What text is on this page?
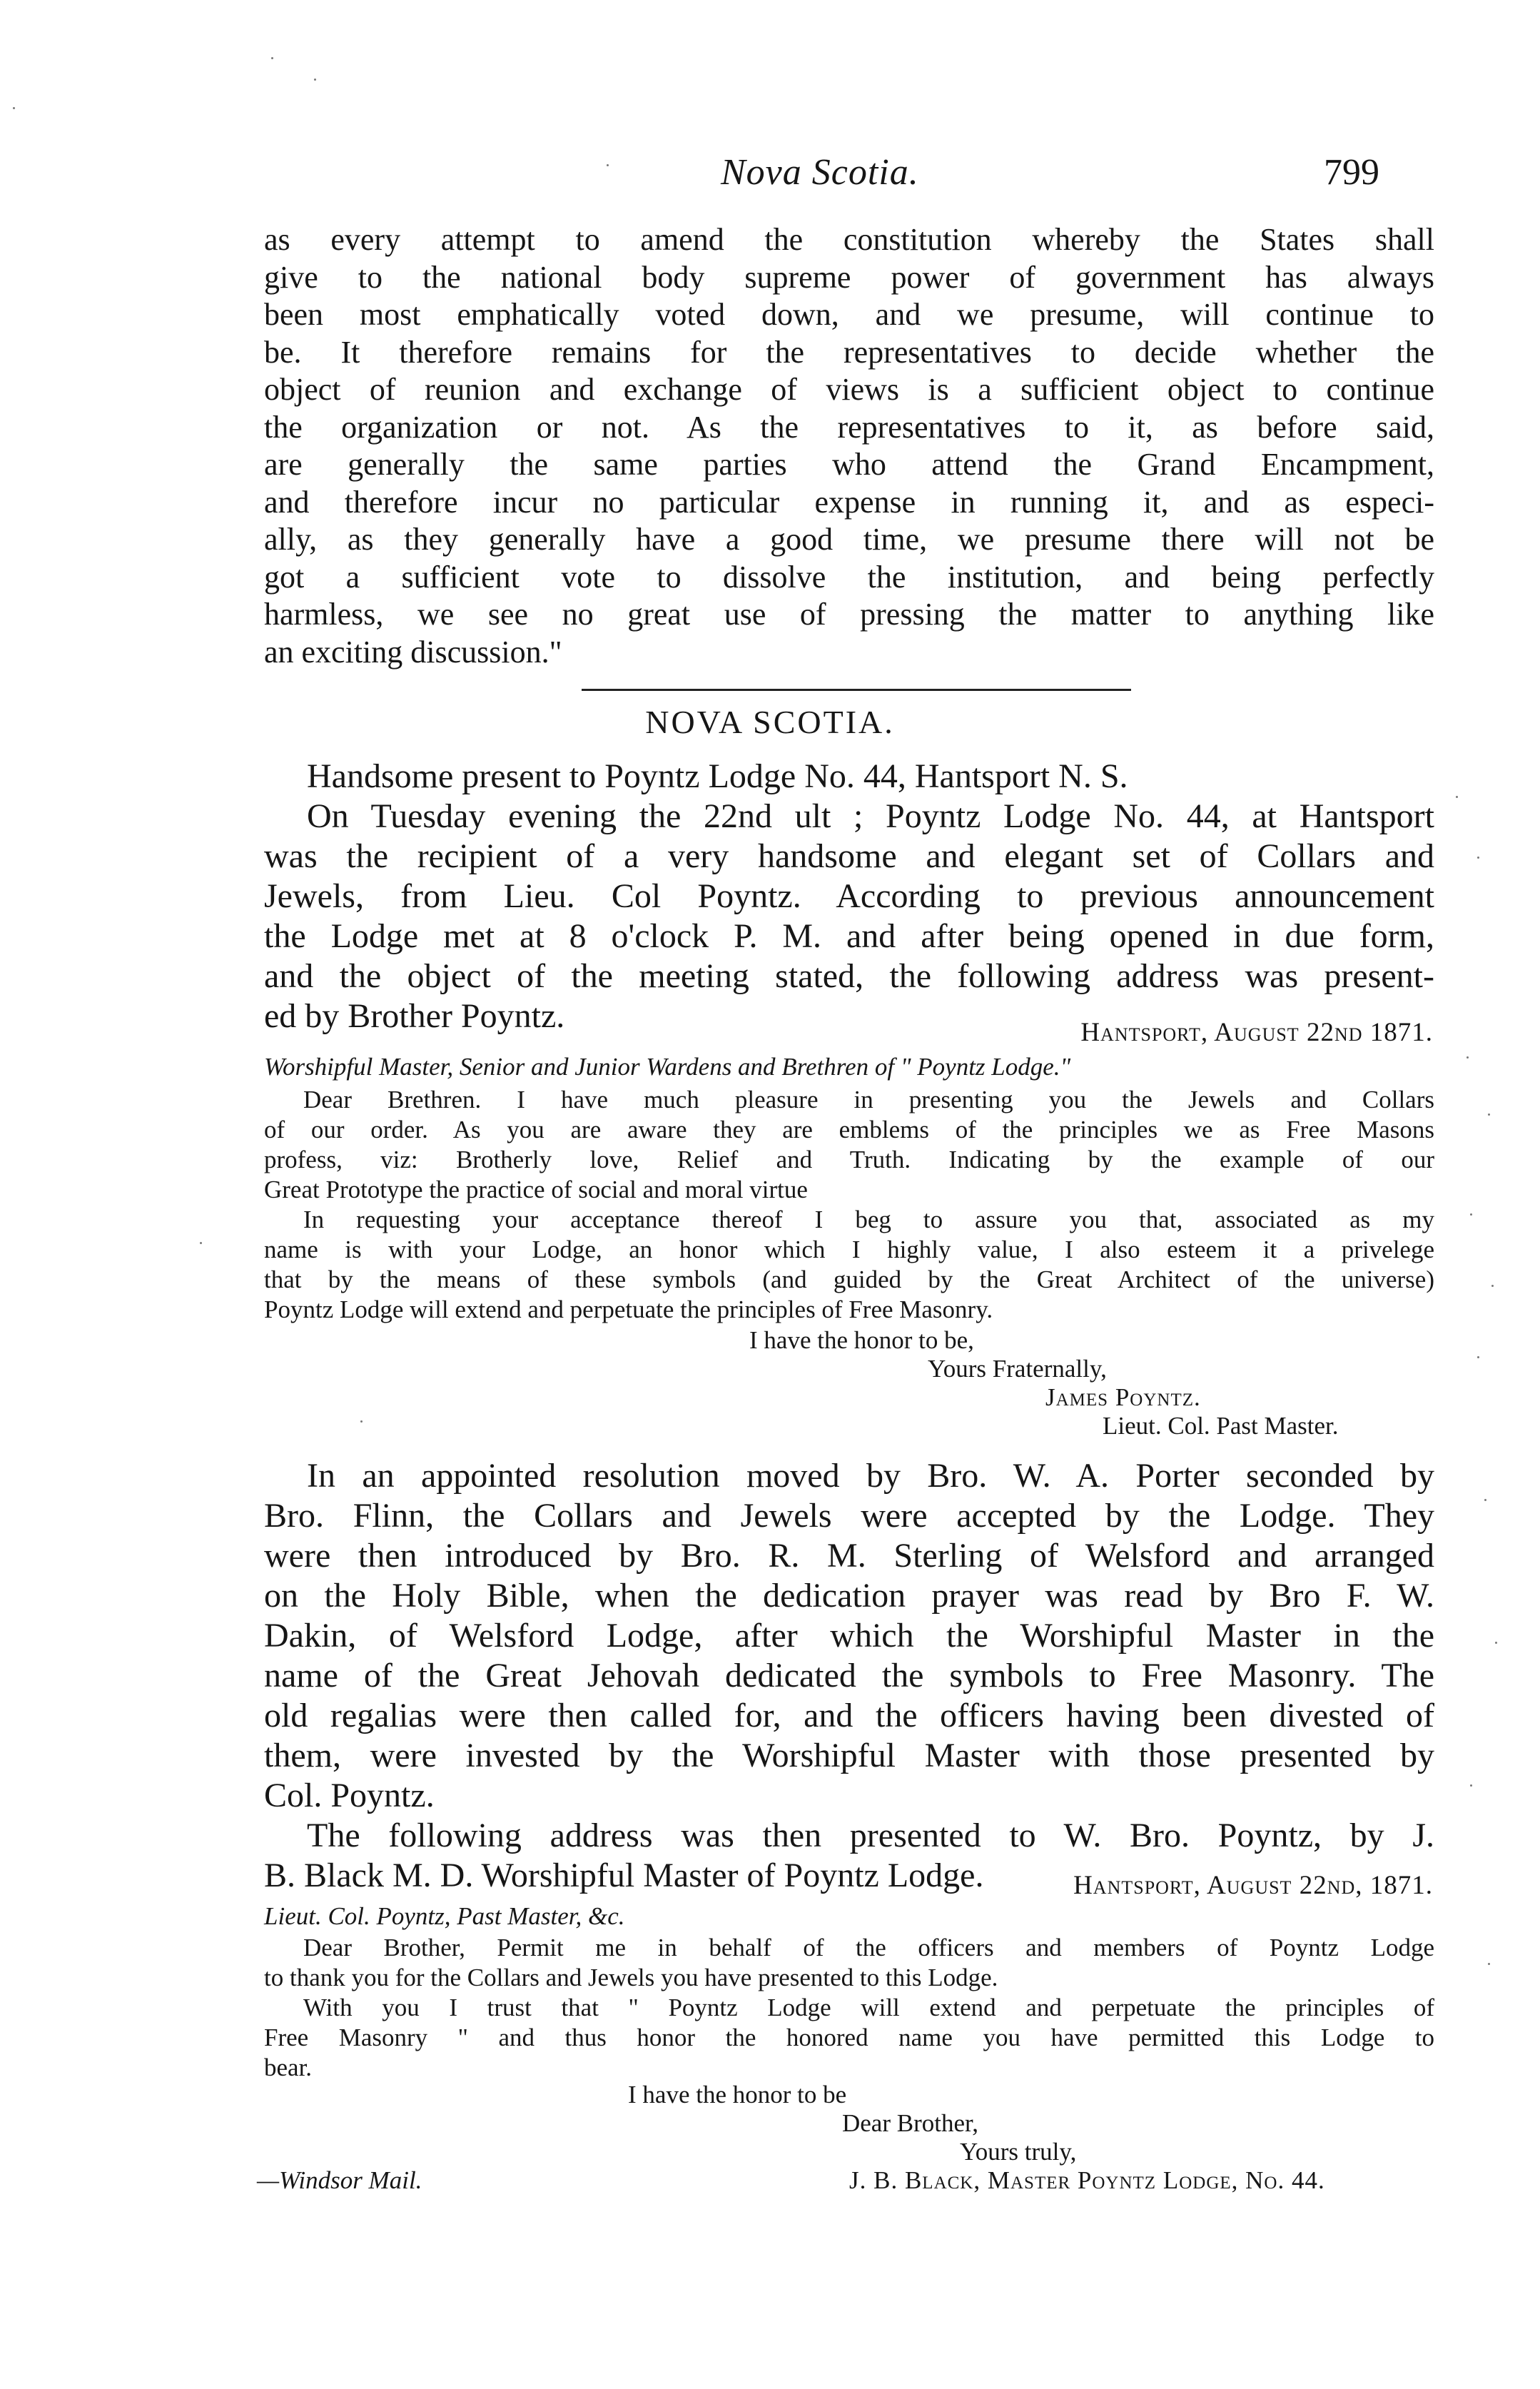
Nova Scotia.	799
as every attempt to amend the constitution whereby the States shall
give to the national body supreme power of government has always
been most emphatically voted down, and we presume, will continue to
be. It therefore remains for the representatives to decide whether the
object of reunion and exchange of views is a sufficient object to continue
the organization or not. As the representatives to it, as before said,
are generally the same parties who attend the Grand Encampment,
and therefore incur no particular expense in running it, and as especi-
ally, as they generally have a good time, we presume there will not be
got a sufficient vote to dissolve the institution, and being perfectly
harmless, we see no great use of pressing the matter to anything like
an exciting discussion."
NOVA SCOTIA.
Handsome present to Poyntz Lodge No. 44, Hantsport N. S.
On Tuesday evening the 22nd ult ; Poyntz Lodge No. 44, at Hantsport
was the recipient of a very handsome and elegant set of Collars and
Jewels, from Lieu. Col Poyntz. According to previous announcement
the Lodge met at 8 o'clock P. M. and after being opened in due form,
and the object of the meeting stated, the following address was present-
ed by Brother Poyntz.	Hantsport, August 22nd 1871.
Worshipful Master, Senior and Junior Wardens and Brethren of " Poyntz Lodge."
Dear Brethren. I have much pleasure in presenting you the Jewels and Collars
of our order. As you are aware they are emblems of the principles we as Free Masons
profess, viz: Brotherly love, Relief and Truth. Indicating by the example of our
Great Prototype the practice of social and moral virtue
In requesting your acceptance thereof I beg to assure you that, associated as my
name is with your Lodge, an honor which I highly value, I also esteem it a privelege
that by the means of these symbols (and guided by the Great Architect of the universe)
Poyntz Lodge will extend and perpetuate the principles of Free Masonry.
I have the honor to be,
Yours Fraternally,
James Poyntz.
Lieut. Col. Past Master.
In an appointed resolution moved by Bro. W. A. Porter seconded by
Bro. Flinn, the Collars and Jewels were accepted by the Lodge. They
were then introduced by Bro. R. M. Sterling of Welsford and arranged
on the Holy Bible, when the dedication prayer was read by Bro F. W.
Dakin, of Welsford Lodge, after which the Worshipful Master in the
name of the Great Jehovah dedicated the symbols to Free Masonry. The
old regalias were then called for, and the officers having been divested of
them, were invested by the Worshipful Master with those presented by
Col. Poyntz.
The following address was then presented to W. Bro. Poyntz, by J.
B. Black M. D. Worshipful Master of Poyntz Lodge.	Hantsport, August 22nd, 1871.
Lieut. Col. Poyntz, Past Master, &c.
Dear Brother, Permit me in behalf of the officers and members of Poyntz Lodge
to thank you for the Collars and Jewels you have presented to this Lodge.
With you I trust that " Poyntz Lodge will extend and perpetuate the principles of
Free Masonry " and thus honor the honored name you have permitted this Lodge to
bear.
I have the honor to be
Dear Brother,
Yours truly,
J. B. Black, Master Poyntz Lodge, No. 44.
—Windsor Mail.
